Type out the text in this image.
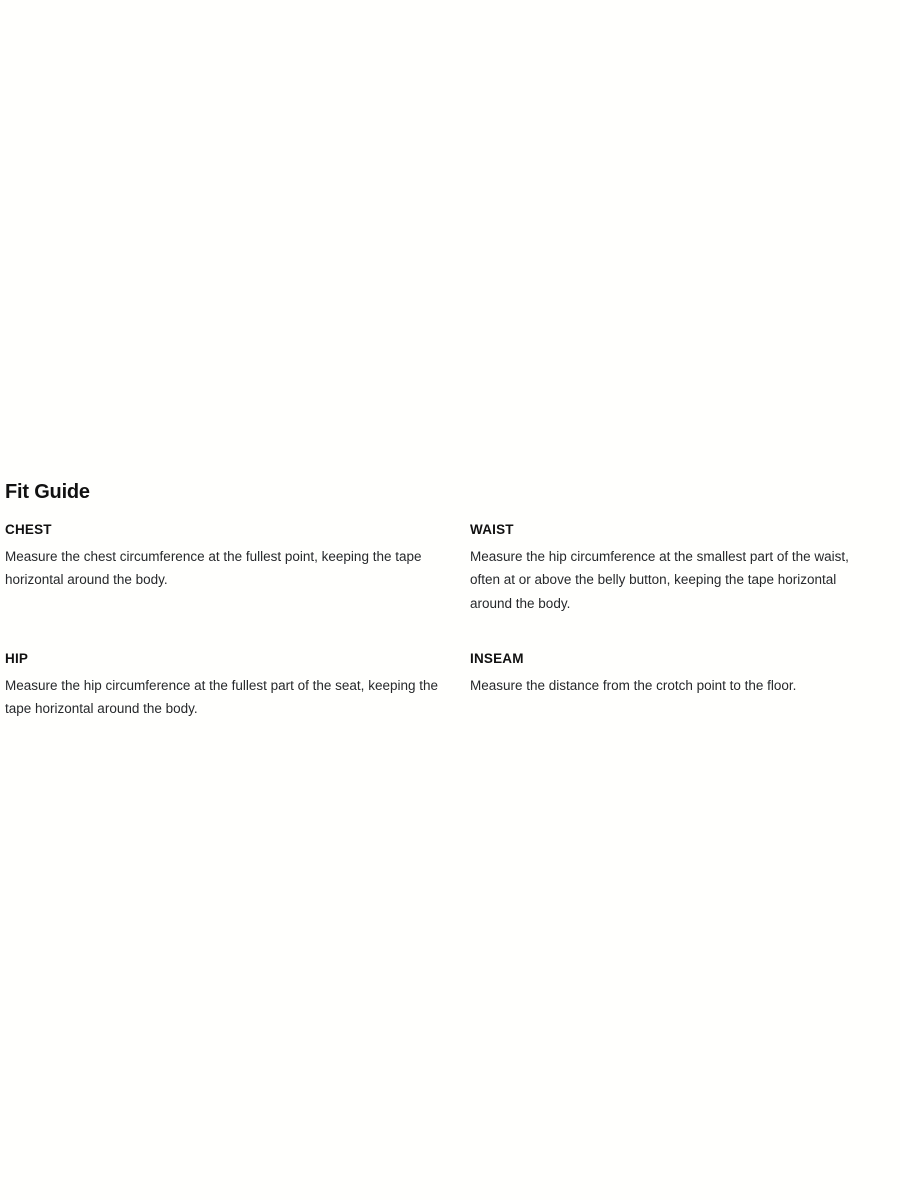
Fit Guide
CHEST

Measure the chest circumference at the fullest point, keeping the tape horizontal around the body.

WAIST

Measure the hip circumference at the smallest part of the waist, often at or above the belly button, keeping the tape horizontal around the body.

HIP

Measure the hip circumference at the fullest part of the seat, keeping the tape horizontal around the body.

INSEAM

Measure the distance from the crotch point to the floor.
